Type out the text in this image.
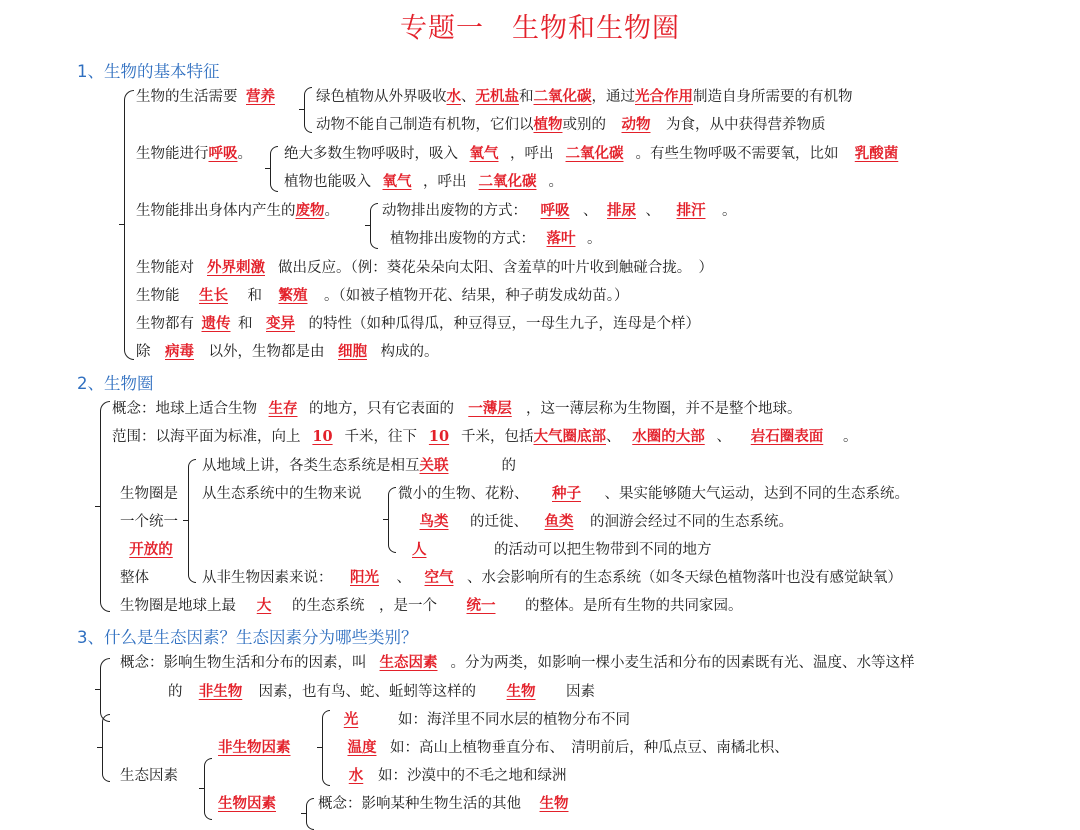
专题一　生物和生物圈
1、生物的基本特征
生物的生活需要 营养	绿色植物从外界吸收水、无机盐和二氧化碳，通过光合作用制造自身所需要的有机物
动物不能自己制造有机物，它们以植物或别的 动物 为食，从中获得营养物质
生物能进行呼吸。 绝大多数生物呼吸时，吸入 氧气 ，呼出 二氧化碳 。有些生物呼吸不需要氧，比如 乳酸菌
植物也能吸入 氧气 ，呼出 二氧化碳 。
生物能排出身体内产生的废物。	动物排出废物的方式： 呼吸 、 排尿 、 排汗 。
植物排出废物的方式： 落叶 。
生物能对 外界刺激 做出反应。（例：葵花朵朵向太阳、含羞草的叶片收到触碰合拢。　）
生物能 生长 和 繁殖 。（如被子植物开花、结果，种子萌发成幼苗。）
生物都有 遗传 和 变异 的特性（如种瓜得瓜，种豆得豆，一母生九子，连母是个样）
除 病毒 以外，生物都是由 细胞 构成的。
2、生物圈
概念：地球上适合生物 生存 的地方，只有它表面的 一薄层 ，这一薄层称为生物圈，并不是整个地球。
范围：以海平面为标准，向上 10 千米，往下 10 千米，包括大气圈底部、 水圈的大部 、 岩石圈表面 。
从地域上讲，各类生态系统是相互关联	的
生物圈是 从生态系统中的生物来说	微小的生物、花粉、 种子 、果实能够随大气运动，达到不同的生态系统。
一个统一	鸟类 的迁徙、 鱼类 的洄游会经过不同的生态系统。
开放的	人	的活动可以把生物带到不同的地方
整体	从非生物因素来说： 阳光 、 空气 、水会影响所有的生态系统（如冬天绿色植物落叶也没有感觉缺氧）
生物圈是地球上最 大 的生态系统　，是一个 统一 的整体。是所有生物的共同家园。
3、什么是生态因素？生态因素分为哪些类别？
概念：影响生物生活和分布的因素，叫 生态因素 。分为两类，如影响一棵小麦生活和分布的因素既有光、温度、水等这样
的 非生物 因素，也有鸟、蛇、蚯蚓等这样的 生物 因素
光	如：海洋里不同水层的植物分布不同
非生物因素	温度 如：高山上植物垂直分布、　清明前后，种瓜点豆、南橘北枳、
水 如：沙漠中的不毛之地和绿洲
生态因素
生物因素	概念：影响某种生物生活的其他 生物
